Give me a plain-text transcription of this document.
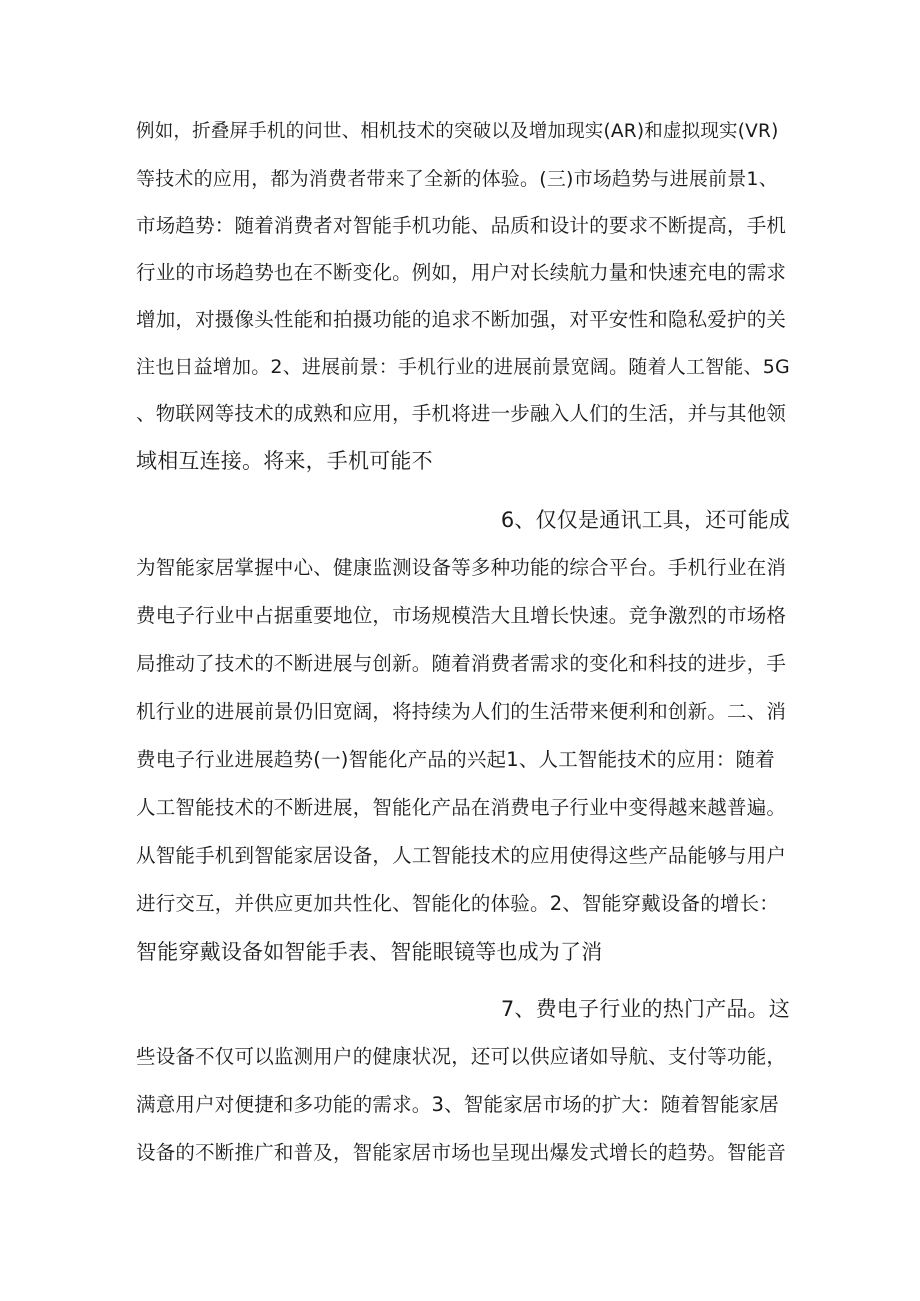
例如，折叠屏手机的问世、相机技术的突破以及增加现实(AR)和虚拟现实(VR)
等技术的应用，都为消费者带来了全新的体验。(三)市场趋势与进展前景1、
市场趋势：随着消费者对智能手机功能、品质和设计的要求不断提高，手机
行业的市场趋势也在不断变化。例如，用户对长续航力量和快速充电的需求
增加，对摄像头性能和拍摄功能的追求不断加强，对平安性和隐私爱护的关
注也日益增加。2、进展前景：手机行业的进展前景宽阔。随着人工智能、5G
、物联网等技术的成熟和应用，手机将进一步融入人们的生活，并与其他领
域相互连接。将来，手机可能不
6、仅仅是通讯工具，还可能成
为智能家居掌握中心、健康监测设备等多种功能的综合平台。手机行业在消
费电子行业中占据重要地位，市场规模浩大且增长快速。竞争激烈的市场格
局推动了技术的不断进展与创新。随着消费者需求的变化和科技的进步，手
机行业的进展前景仍旧宽阔，将持续为人们的生活带来便利和创新。二、消
费电子行业进展趋势(一)智能化产品的兴起1、人工智能技术的应用：随着
人工智能技术的不断进展，智能化产品在消费电子行业中变得越来越普遍。
从智能手机到智能家居设备，人工智能技术的应用使得这些产品能够与用户
进行交互，并供应更加共性化、智能化的体验。2、智能穿戴设备的增长：
智能穿戴设备如智能手表、智能眼镜等也成为了消
7、费电子行业的热门产品。这
些设备不仅可以监测用户的健康状况，还可以供应诸如导航、支付等功能，
满意用户对便捷和多功能的需求。3、智能家居市场的扩大：随着智能家居
设备的不断推广和普及，智能家居市场也呈现出爆发式增长的趋势。智能音
